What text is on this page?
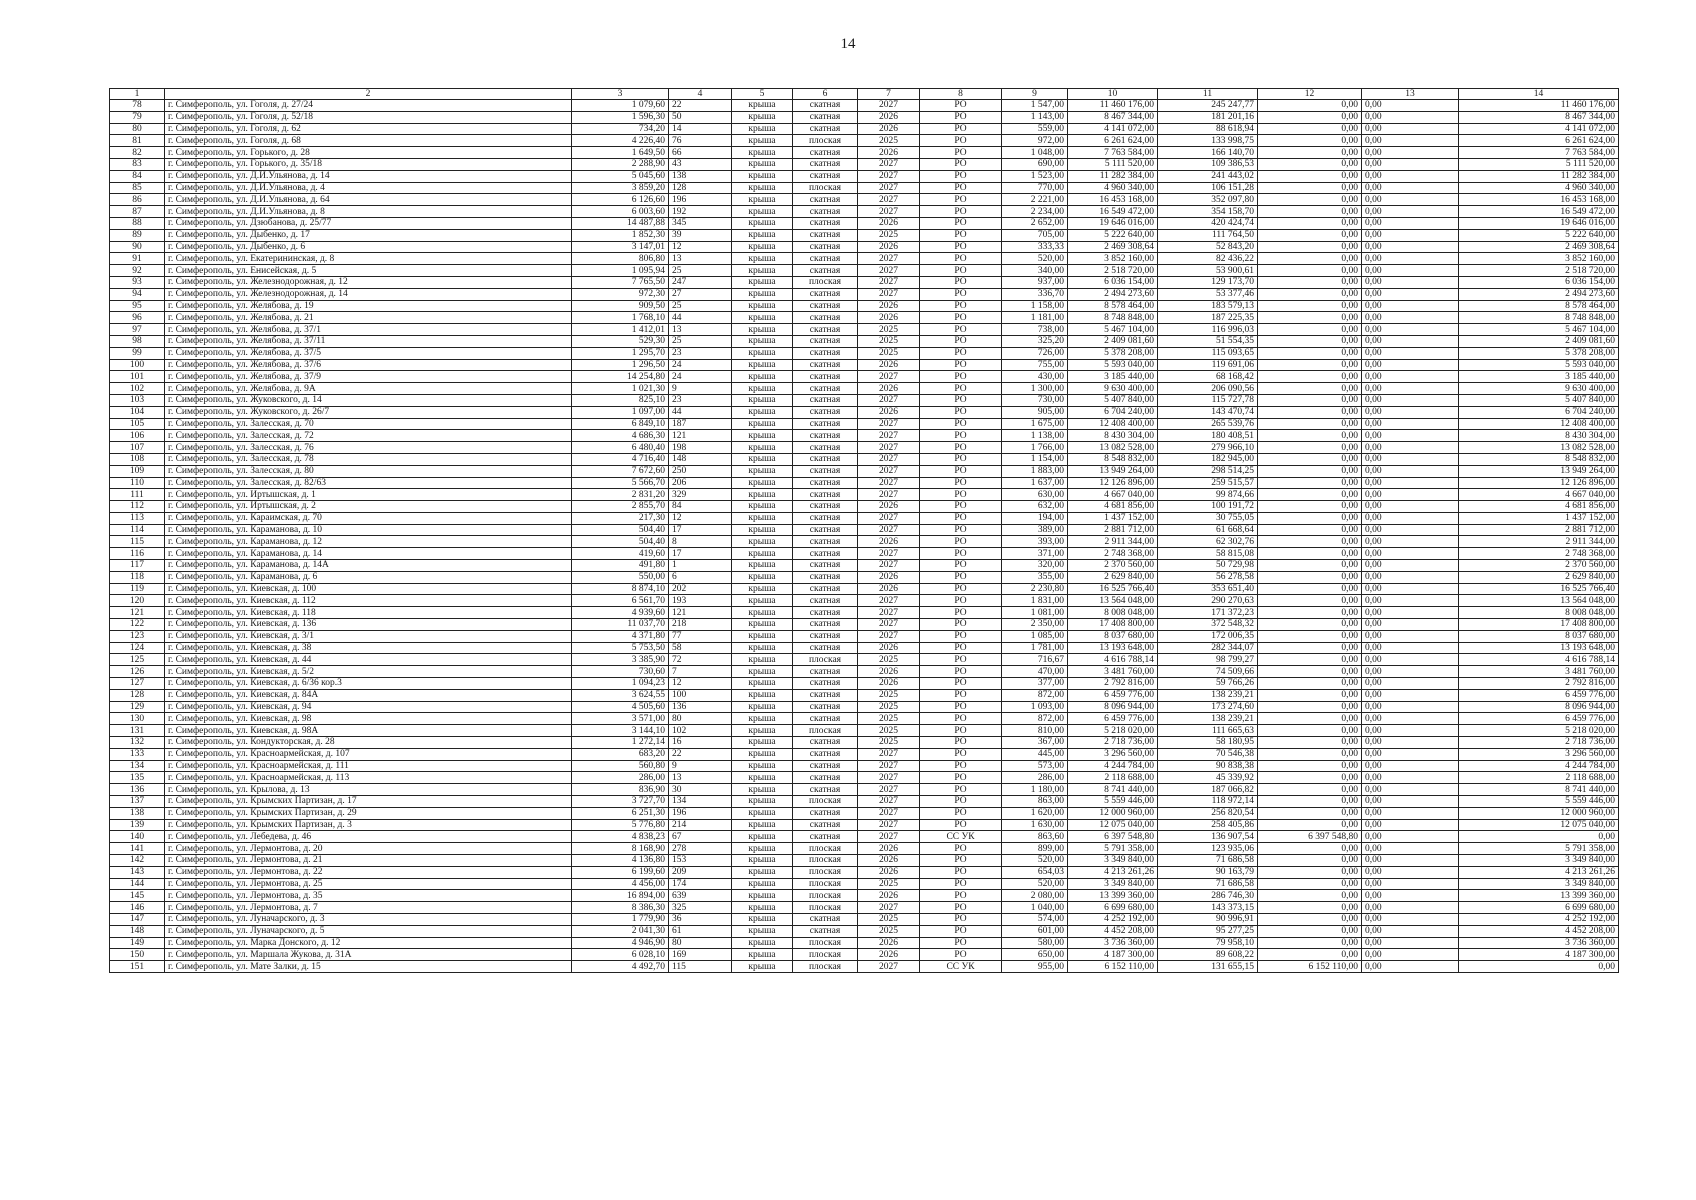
14
1	2	3	4	5	6	7	8	9	10	11	12	13	14
78	г. Симферополь, ул. Гоголя, д. 27/24	1 079,60	22	крыша	скатная	2027	РО	1 547,00	11 460 176,00	245 247,77	0,00	0,00	11 460 176,00
79	г. Симферополь, ул. Гоголя, д. 52/18	1 596,30	50	крыша	скатная	2026	РО	1 143,00	8 467 344,00	181 201,16	0,00	0,00	8 467 344,00
80	г. Симферополь, ул. Гоголя, д. 62	734,20	14	крыша	скатная	2026	РО	559,00	4 141 072,00	88 618,94	0,00	0,00	4 141 072,00
81	г. Симферополь, ул. Гоголя, д. 68	4 226,40	76	крыша	плоская	2025	РО	972,00	6 261 624,00	133 998,75	0,00	0,00	6 261 624,00
82	г. Симферополь, ул. Горького, д. 28	1 649,50	66	крыша	скатная	2026	РО	1 048,00	7 763 584,00	166 140,70	0,00	0,00	7 763 584,00
83	г. Симферополь, ул. Горького, д. 35/18	2 288,90	43	крыша	скатная	2027	РО	690,00	5 111 520,00	109 386,53	0,00	0,00	5 111 520,00
84	г. Симферополь, ул. Д.И.Ульянова, д. 14	5 045,60	138	крыша	скатная	2027	РО	1 523,00	11 282 384,00	241 443,02	0,00	0,00	11 282 384,00
85	г. Симферополь, ул. Д.И.Ульянова, д. 4	3 859,20	128	крыша	плоская	2027	РО	770,00	4 960 340,00	106 151,28	0,00	0,00	4 960 340,00
86	г. Симферополь, ул. Д.И.Ульянова, д. 64	6 126,60	196	крыша	скатная	2027	РО	2 221,00	16 453 168,00	352 097,80	0,00	0,00	16 453 168,00
87	г. Симферополь, ул. Д.И.Ульянова, д. 8	6 003,60	192	крыша	скатная	2027	РО	2 234,00	16 549 472,00	354 158,70	0,00	0,00	16 549 472,00
88	г. Симферополь, ул. Дзюбанова, д. 25/77	14 487,88	345	крыша	скатная	2026	РО	2 652,00	19 646 016,00	420 424,74	0,00	0,00	19 646 016,00
89	г. Симферополь, ул. Дыбенко, д. 17	1 852,30	39	крыша	скатная	2025	РО	705,00	5 222 640,00	111 764,50	0,00	0,00	5 222 640,00
90	г. Симферополь, ул. Дыбенко, д. 6	3 147,01	12	крыша	скатная	2026	РО	333,33	2 469 308,64	52 843,20	0,00	0,00	2 469 308,64
91	г. Симферополь, ул. Екатерининская, д. 8	806,80	13	крыша	скатная	2027	РО	520,00	3 852 160,00	82 436,22	0,00	0,00	3 852 160,00
92	г. Симферополь, ул. Енисейская, д. 5	1 095,94	25	крыша	скатная	2027	РО	340,00	2 518 720,00	53 900,61	0,00	0,00	2 518 720,00
93	г. Симферополь, ул. Железнодорожная, д. 12	7 765,50	247	крыша	плоская	2027	РО	937,00	6 036 154,00	129 173,70	0,00	0,00	6 036 154,00
94	г. Симферополь, ул. Железнодорожная, д. 14	972,30	27	крыша	скатная	2027	РО	336,70	2 494 273,60	53 377,46	0,00	0,00	2 494 273,60
95	г. Симферополь, ул. Желябова, д. 19	909,50	25	крыша	скатная	2026	РО	1 158,00	8 578 464,00	183 579,13	0,00	0,00	8 578 464,00
96	г. Симферополь, ул. Желябова, д. 21	1 768,10	44	крыша	скатная	2026	РО	1 181,00	8 748 848,00	187 225,35	0,00	0,00	8 748 848,00
97	г. Симферополь, ул. Желябова, д. 37/1	1 412,01	13	крыша	скатная	2025	РО	738,00	5 467 104,00	116 996,03	0,00	0,00	5 467 104,00
98	г. Симферополь, ул. Желябова, д. 37/11	529,30	25	крыша	скатная	2025	РО	325,20	2 409 081,60	51 554,35	0,00	0,00	2 409 081,60
99	г. Симферополь, ул. Желябова, д. 37/5	1 295,70	23	крыша	скатная	2025	РО	726,00	5 378 208,00	115 093,65	0,00	0,00	5 378 208,00
100	г. Симферополь, ул. Желябова, д. 37/6	1 296,50	24	крыша	скатная	2026	РО	755,00	5 593 040,00	119 691,06	0,00	0,00	5 593 040,00
101	г. Симферополь, ул. Желябова, д. 37/9	14 254,80	24	крыша	скатная	2027	РО	430,00	3 185 440,00	68 168,42	0,00	0,00	3 185 440,00
102	г. Симферополь, ул. Желябова, д. 9А	1 021,30	9	крыша	скатная	2026	РО	1 300,00	9 630 400,00	206 090,56	0,00	0,00	9 630 400,00
103	г. Симферополь, ул. Жуковского, д. 14	825,10	23	крыша	скатная	2027	РО	730,00	5 407 840,00	115 727,78	0,00	0,00	5 407 840,00
104	г. Симферополь, ул. Жуковского, д. 26/7	1 097,00	44	крыша	скатная	2026	РО	905,00	6 704 240,00	143 470,74	0,00	0,00	6 704 240,00
105	г. Симферополь, ул. Залесская, д. 70	6 849,10	187	крыша	скатная	2027	РО	1 675,00	12 408 400,00	265 539,76	0,00	0,00	12 408 400,00
106	г. Симферополь, ул. Залесская, д. 72	4 686,30	121	крыша	скатная	2027	РО	1 138,00	8 430 304,00	180 408,51	0,00	0,00	8 430 304,00
107	г. Симферополь, ул. Залесская, д. 76	6 480,40	198	крыша	скатная	2027	РО	1 766,00	13 082 528,00	279 966,10	0,00	0,00	13 082 528,00
108	г. Симферополь, ул. Залесская, д. 78	4 716,40	148	крыша	скатная	2027	РО	1 154,00	8 548 832,00	182 945,00	0,00	0,00	8 548 832,00
109	г. Симферополь, ул. Залесская, д. 80	7 672,60	250	крыша	скатная	2027	РО	1 883,00	13 949 264,00	298 514,25	0,00	0,00	13 949 264,00
110	г. Симферополь, ул. Залесская, д. 82/63	5 566,70	206	крыша	скатная	2027	РО	1 637,00	12 126 896,00	259 515,57	0,00	0,00	12 126 896,00
111	г. Симферополь, ул. Иртышская, д. 1	2 831,20	329	крыша	скатная	2027	РО	630,00	4 667 040,00	99 874,66	0,00	0,00	4 667 040,00
112	г. Симферополь, ул. Иртышская, д. 2	2 855,70	84	крыша	скатная	2026	РО	632,00	4 681 856,00	100 191,72	0,00	0,00	4 681 856,00
113	г. Симферополь, ул. Караимская, д. 70	217,30	12	крыша	скатная	2027	РО	194,00	1 437 152,00	30 755,05	0,00	0,00	1 437 152,00
114	г. Симферополь, ул. Караманова, д. 10	504,40	17	крыша	скатная	2027	РО	389,00	2 881 712,00	61 668,64	0,00	0,00	2 881 712,00
115	г. Симферополь, ул. Караманова, д. 12	504,40	8	крыша	скатная	2026	РО	393,00	2 911 344,00	62 302,76	0,00	0,00	2 911 344,00
116	г. Симферополь, ул. Караманова, д. 14	419,60	17	крыша	скатная	2027	РО	371,00	2 748 368,00	58 815,08	0,00	0,00	2 748 368,00
117	г. Симферополь, ул. Караманова, д. 14А	491,80	1	крыша	скатная	2027	РО	320,00	2 370 560,00	50 729,98	0,00	0,00	2 370 560,00
118	г. Симферополь, ул. Караманова, д. 6	550,00	6	крыша	скатная	2026	РО	355,00	2 629 840,00	56 278,58	0,00	0,00	2 629 840,00
119	г. Симферополь, ул. Киевская, д. 100	8 874,10	202	крыша	скатная	2026	РО	2 230,80	16 525 766,40	353 651,40	0,00	0,00	16 525 766,40
120	г. Симферополь, ул. Киевская, д. 112	6 561,70	193	крыша	скатная	2027	РО	1 831,00	13 564 048,00	290 270,63	0,00	0,00	13 564 048,00
121	г. Симферополь, ул. Киевская, д. 118	4 939,60	121	крыша	скатная	2027	РО	1 081,00	8 008 048,00	171 372,23	0,00	0,00	8 008 048,00
122	г. Симферополь, ул. Киевская, д. 136	11 037,70	218	крыша	скатная	2027	РО	2 350,00	17 408 800,00	372 548,32	0,00	0,00	17 408 800,00
123	г. Симферополь, ул. Киевская, д. 3/1	4 371,80	77	крыша	скатная	2027	РО	1 085,00	8 037 680,00	172 006,35	0,00	0,00	8 037 680,00
124	г. Симферополь, ул. Киевская, д. 38	5 753,50	58	крыша	скатная	2026	РО	1 781,00	13 193 648,00	282 344,07	0,00	0,00	13 193 648,00
125	г. Симферополь, ул. Киевская, д. 44	3 385,90	72	крыша	плоская	2025	РО	716,67	4 616 788,14	98 799,27	0,00	0,00	4 616 788,14
126	г. Симферополь, ул. Киевская, д. 5/2	730,60	7	крыша	скатная	2026	РО	470,00	3 481 760,00	74 509,66	0,00	0,00	3 481 760,00
127	г. Симферополь, ул. Киевская, д. 6/36 кор.3	1 094,23	12	крыша	скатная	2026	РО	377,00	2 792 816,00	59 766,26	0,00	0,00	2 792 816,00
128	г. Симферополь, ул. Киевская, д. 84А	3 624,55	100	крыша	скатная	2025	РО	872,00	6 459 776,00	138 239,21	0,00	0,00	6 459 776,00
129	г. Симферополь, ул. Киевская, д. 94	4 505,60	136	крыша	скатная	2025	РО	1 093,00	8 096 944,00	173 274,60	0,00	0,00	8 096 944,00
130	г. Симферополь, ул. Киевская, д. 98	3 571,00	80	крыша	скатная	2025	РО	872,00	6 459 776,00	138 239,21	0,00	0,00	6 459 776,00
131	г. Симферополь, ул. Киевская, д. 98А	3 144,10	102	крыша	плоская	2025	РО	810,00	5 218 020,00	111 665,63	0,00	0,00	5 218 020,00
132	г. Симферополь, ул. Кондукторская, д. 28	1 272,14	16	крыша	скатная	2025	РО	367,00	2 718 736,00	58 180,95	0,00	0,00	2 718 736,00
133	г. Симферополь, ул. Красноармейская, д. 107	683,20	22	крыша	скатная	2027	РО	445,00	3 296 560,00	70 546,38	0,00	0,00	3 296 560,00
134	г. Симферополь, ул. Красноармейская, д. 111	560,80	9	крыша	скатная	2027	РО	573,00	4 244 784,00	90 838,38	0,00	0,00	4 244 784,00
135	г. Симферополь, ул. Красноармейская, д. 113	286,00	13	крыша	скатная	2027	РО	286,00	2 118 688,00	45 339,92	0,00	0,00	2 118 688,00
136	г. Симферополь, ул. Крылова, д. 13	836,90	30	крыша	скатная	2027	РО	1 180,00	8 741 440,00	187 066,82	0,00	0,00	8 741 440,00
137	г. Симферополь, ул. Крымских Партизан, д. 17	3 727,70	134	крыша	плоская	2027	РО	863,00	5 559 446,00	118 972,14	0,00	0,00	5 559 446,00
138	г. Симферополь, ул. Крымских Партизан, д. 29	6 251,30	196	крыша	скатная	2027	РО	1 620,00	12 000 960,00	256 820,54	0,00	0,00	12 000 960,00
139	г. Симферополь, ул. Крымских Партизан, д. 3	5 776,80	214	крыша	скатная	2027	РО	1 630,00	12 075 040,00	258 405,86	0,00	0,00	12 075 040,00
140	г. Симферополь, ул. Лебедева, д. 46	4 838,23	67	крыша	скатная	2027	СС УК	863,60	6 397 548,80	136 907,54	6 397 548,80	0,00	0,00
141	г. Симферополь, ул. Лермонтова, д. 20	8 168,90	278	крыша	плоская	2026	РО	899,00	5 791 358,00	123 935,06	0,00	0,00	5 791 358,00
142	г. Симферополь, ул. Лермонтова, д. 21	4 136,80	153	крыша	плоская	2026	РО	520,00	3 349 840,00	71 686,58	0,00	0,00	3 349 840,00
143	г. Симферополь, ул. Лермонтова, д. 22	6 199,60	209	крыша	плоская	2026	РО	654,03	4 213 261,26	90 163,79	0,00	0,00	4 213 261,26
144	г. Симферополь, ул. Лермонтова, д. 25	4 456,00	174	крыша	плоская	2025	РО	520,00	3 349 840,00	71 686,58	0,00	0,00	3 349 840,00
145	г. Симферополь, ул. Лермонтова, д. 35	16 894,00	639	крыша	плоская	2026	РО	2 080,00	13 399 360,00	286 746,30	0,00	0,00	13 399 360,00
146	г. Симферополь, ул. Лермонтова, д. 7	8 386,30	325	крыша	плоская	2027	РО	1 040,00	6 699 680,00	143 373,15	0,00	0,00	6 699 680,00
147	г. Симферополь, ул. Луначарского, д. 3	1 779,90	36	крыша	скатная	2025	РО	574,00	4 252 192,00	90 996,91	0,00	0,00	4 252 192,00
148	г. Симферополь, ул. Луначарского, д. 5	2 041,30	61	крыша	скатная	2025	РО	601,00	4 452 208,00	95 277,25	0,00	0,00	4 452 208,00
149	г. Симферополь, ул. Марка Донского, д. 12	4 946,90	80	крыша	плоская	2026	РО	580,00	3 736 360,00	79 958,10	0,00	0,00	3 736 360,00
150	г. Симферополь, ул. Маршала Жукова, д. 31А	6 028,10	169	крыша	плоская	2026	РО	650,00	4 187 300,00	89 608,22	0,00	0,00	4 187 300,00
151	г. Симферополь, ул. Мате Залки, д. 15	4 492,70	115	крыша	плоская	2027	СС УК	955,00	6 152 110,00	131 655,15	6 152 110,00	0,00	0,00
